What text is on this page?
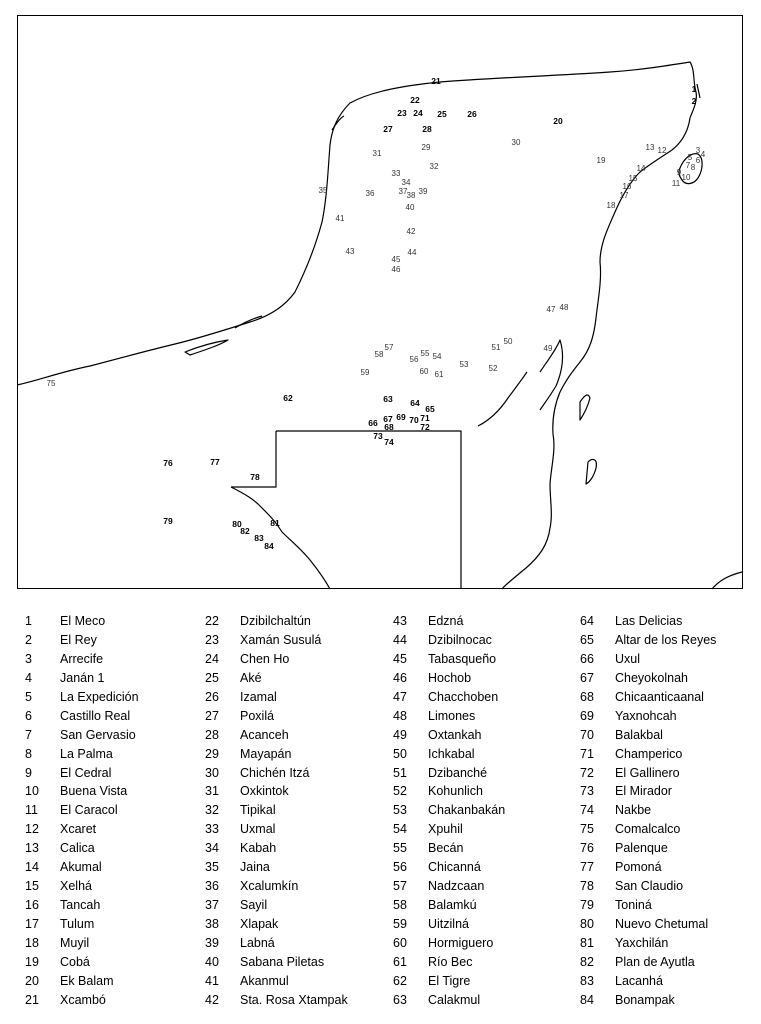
1
2
3 4
5 6
7 8
9
10
11
12
13
14
15
16
17
18
19
20
21
22
23 24 25 26
27	28
29
30
31
32
33
34
35	36	37 38 39
40
41
42
43	44
45
46
47 48
49
50
51
52
53
54
55
56
57
58
59	60 61
62	63 64
65
66 67
68
69 70 71
72
73
74
75
76	77
78
79	80	81
82
83
84
1 El Meco
2 El Rey
3 Arrecife
4 Janán 1
5 La Expedición
6 Castillo Real
7 San Gervasio
8 La Palma
9 El Cedral
10 Buena Vista
11 El Caracol
12 Xcaret
13 Calica
14 Akumal
15 Xelhá
16 Tancah
17 Tulum
18 Muyil
19 Cobá
20 Ek Balam
21 Xcambó
22 Dzibilchaltún
23 Xamán Susulá
24 Chen Ho
25 Aké
26 Izamal
27 Poxilá
28 Acanceh
29 Mayapán
30 Chichén Itzá
31 Oxkintok
32 Tipikal
33 Uxmal
34 Kabah
35 Jaina
36 Xcalumkín
37 Sayil
38 Xlapak
39 Labná
40 Sabana Piletas
41 Akanmul
42 Sta. Rosa Xtampak
43 Edzná
44 Dzibilnocac
45 Tabasqueño
46 Hochob
47 Chacchoben
48 Limones
49 Oxtankah
50 Ichkabal
51 Dzibanché
52 Kohunlich
53 Chakanbakán
54 Xpuhil
55 Becán
56 Chicanná
57 Nadzcaan
58 Balamkú
59 Uitzilná
60 Hormiguero
61 Río Bec
62 El Tigre
63 Calakmul
64 Las Delicias
65 Altar de los Reyes
66 Uxul
67 Cheyokolnah
68 Chicaanticaanal
69 Yaxnohcah
70 Balakbal
71 Champerico
72 El Gallinero
73 El Mirador
74 Nakbe
75 Comalcalco
76 Palenque
77 Pomoná
78 San Claudio
79 Toniná
80 Nuevo Chetumal
81 Yaxchilán
82 Plan de Ayutla
83 Lacanhá
84 Bonampak
